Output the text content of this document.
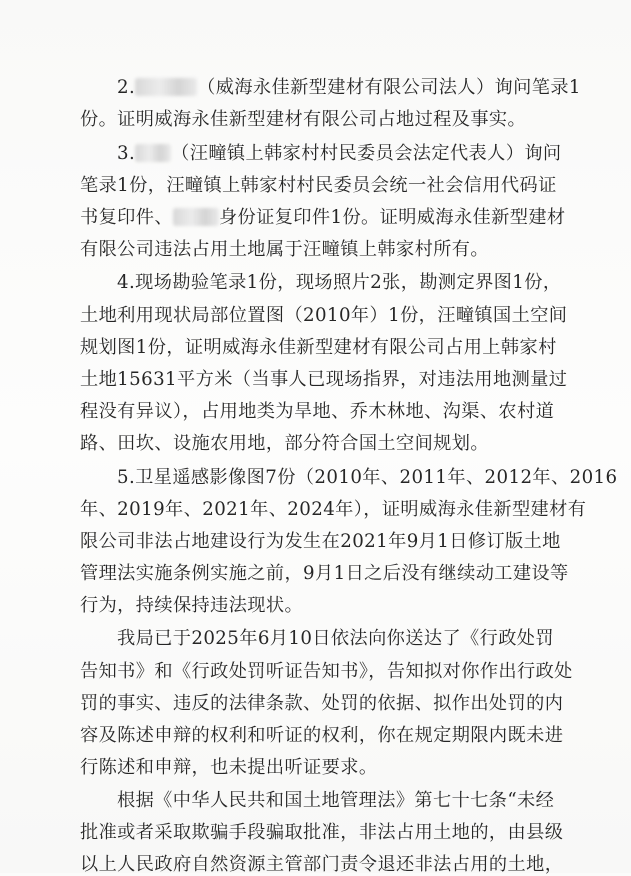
2.	（威海永佳新型建材有限公司法人）询问笔录1
份。证明威海永佳新型建材有限公司占地过程及事实。
3. （汪疃镇上韩家村村民委员会法定代表人）询问
笔录1份，汪疃镇上韩家村村民委员会统一社会信用代码证
书复印件、	身份证复印件1份。证明威海永佳新型建材
有限公司违法占用土地属于汪疃镇上韩家村所有。
4.现场勘验笔录1份，现场照片2张，勘测定界图1份，
土地利用现状局部位置图（2010年）1份，汪疃镇国土空间
规划图1份，证明威海永佳新型建材有限公司占用上韩家村
土地15631平方米（当事人已现场指界，对违法用地测量过
程没有异议），占用地类为旱地、乔木林地、沟渠、农村道
路、田坎、设施农用地，部分符合国土空间规划。
5.卫星遥感影像图7份（2010年、2011年、2012年、2016
年、2019年、2021年、2024年），证明威海永佳新型建材有
限公司非法占地建设行为发生在2021年9月1日修订版土地
管理法实施条例实施之前，9月1日之后没有继续动工建设等
行为，持续保持违法现状。
我局已于2025年6月10日依法向你送达了《行政处罚
告知书》和《行政处罚听证告知书》，告知拟对你作出行政处
罚的事实、违反的法律条款、处罚的依据、拟作出处罚的内
容及陈述申辩的权利和听证的权利，你在规定期限内既未进
行陈述和申辩，也未提出听证要求。
根据《中华人民共和国土地管理法》第七十七条“未经
批准或者采取欺骗手段骗取批准，非法占用土地的，由县级
以上人民政府自然资源主管部门责令退还非法占用的土地，
